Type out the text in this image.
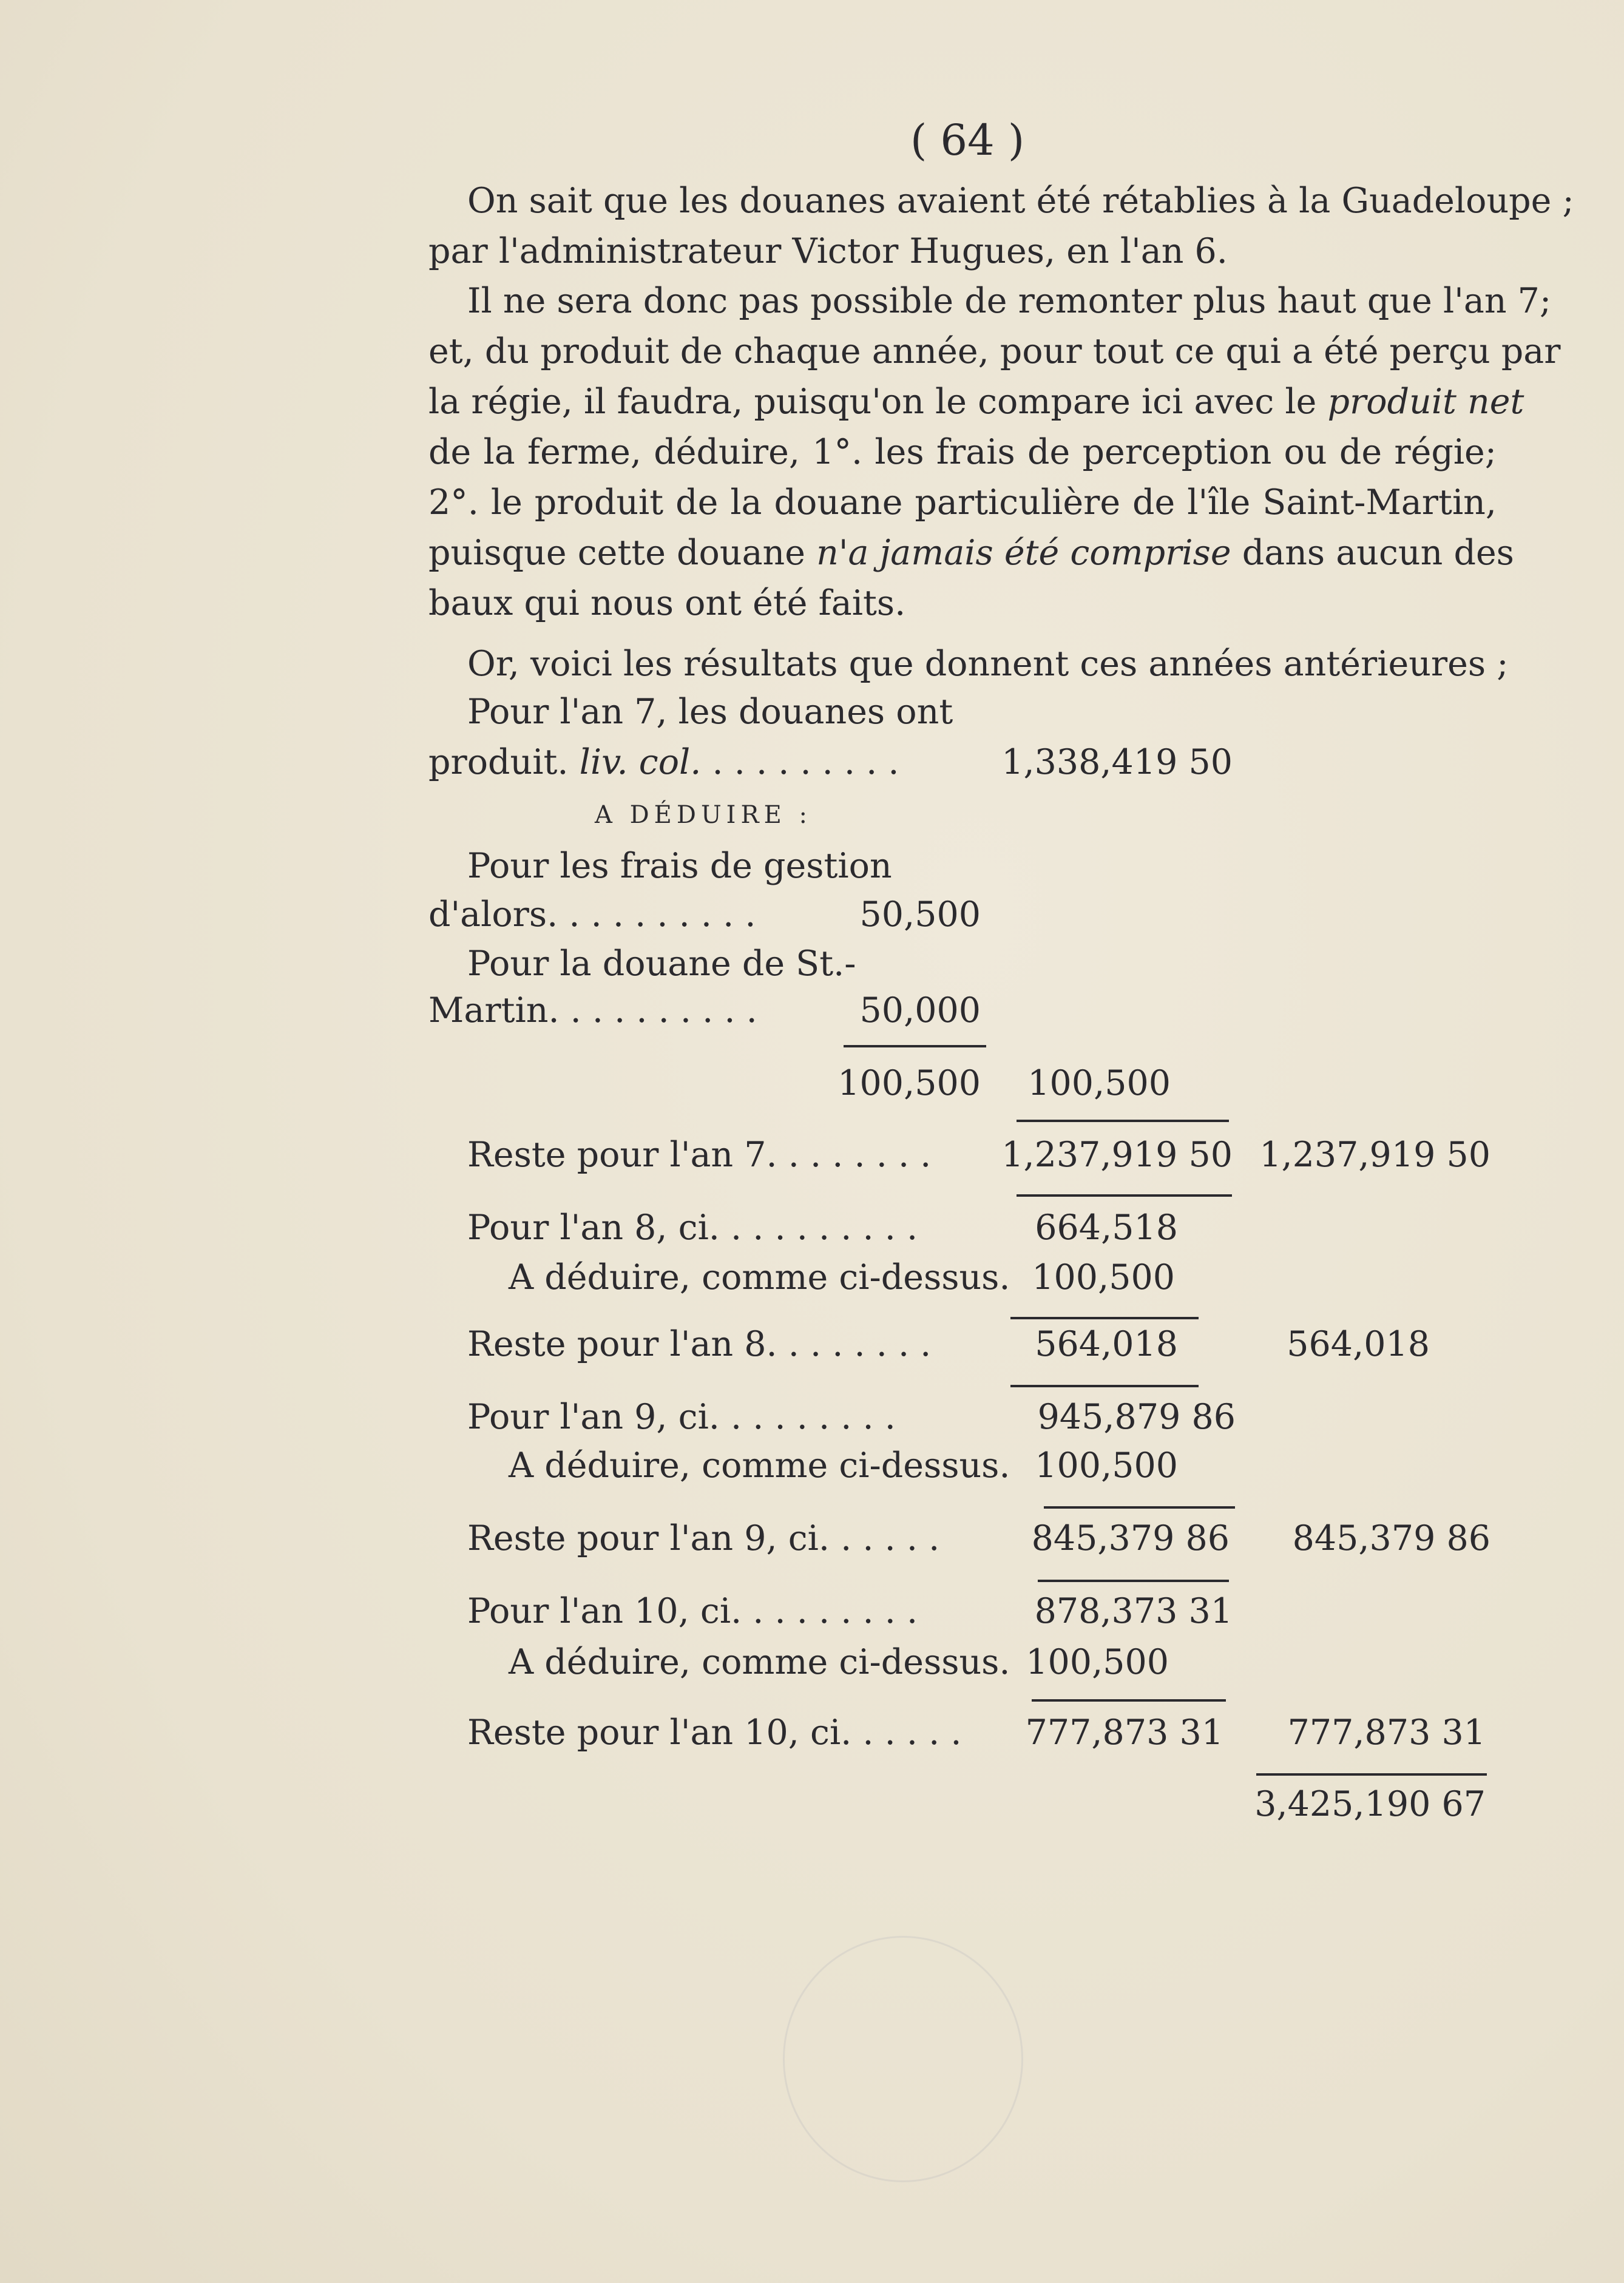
( 64 )
On sait que les douanes avaient été rétablies à la Guadeloupe ;
par l'administrateur Victor Hugues, en l'an 6.
Il ne sera donc pas possible de remonter plus haut que l'an 7;
et, du produit de chaque année, pour tout ce qui a été perçu par
la régie, il faudra, puisqu'on le compare ici avec le produit net
de la ferme, déduire, 1°. les frais de perception ou de régie;
2°. le produit de la douane particulière de l'île Saint-Martin,
puisque cette douane n'a jamais été comprise dans aucun des
baux qui nous ont été faits.
Or, voici les résultats que donnent ces années antérieures ;
Pour l'an 7, les douanes ont
produit. liv. col. . . . . . . . . .	1,338,419 50
A DÉDUIRE :
Pour les frais de gestion
d'alors. . . . . . . . . .	50,500
Pour la douane de St.-
Martin. . . . . . . . . .	50,000
100,500 100,500
Reste pour l'an 7. . . . . . . . 1,237,919 50 1,237,919 50
Pour l'an 8, ci. . . . . . . . . .	664,518
A déduire, comme ci-dessus. 100,500
Reste pour l'an 8. . . . . . . .	564,018	564,018
Pour l'an 9, ci. . . . . . . . .	945,879 86
A déduire, comme ci-dessus. 100,500
Reste pour l'an 9, ci. . . . . .	845,379 86 845,379 86
Pour l'an 10, ci. . . . . . . . .	878,373 31
A déduire, comme ci-dessus. 100,500
Reste pour l'an 10, ci. . . . . . 777,873 31 777,873 31
3,425,190 67
